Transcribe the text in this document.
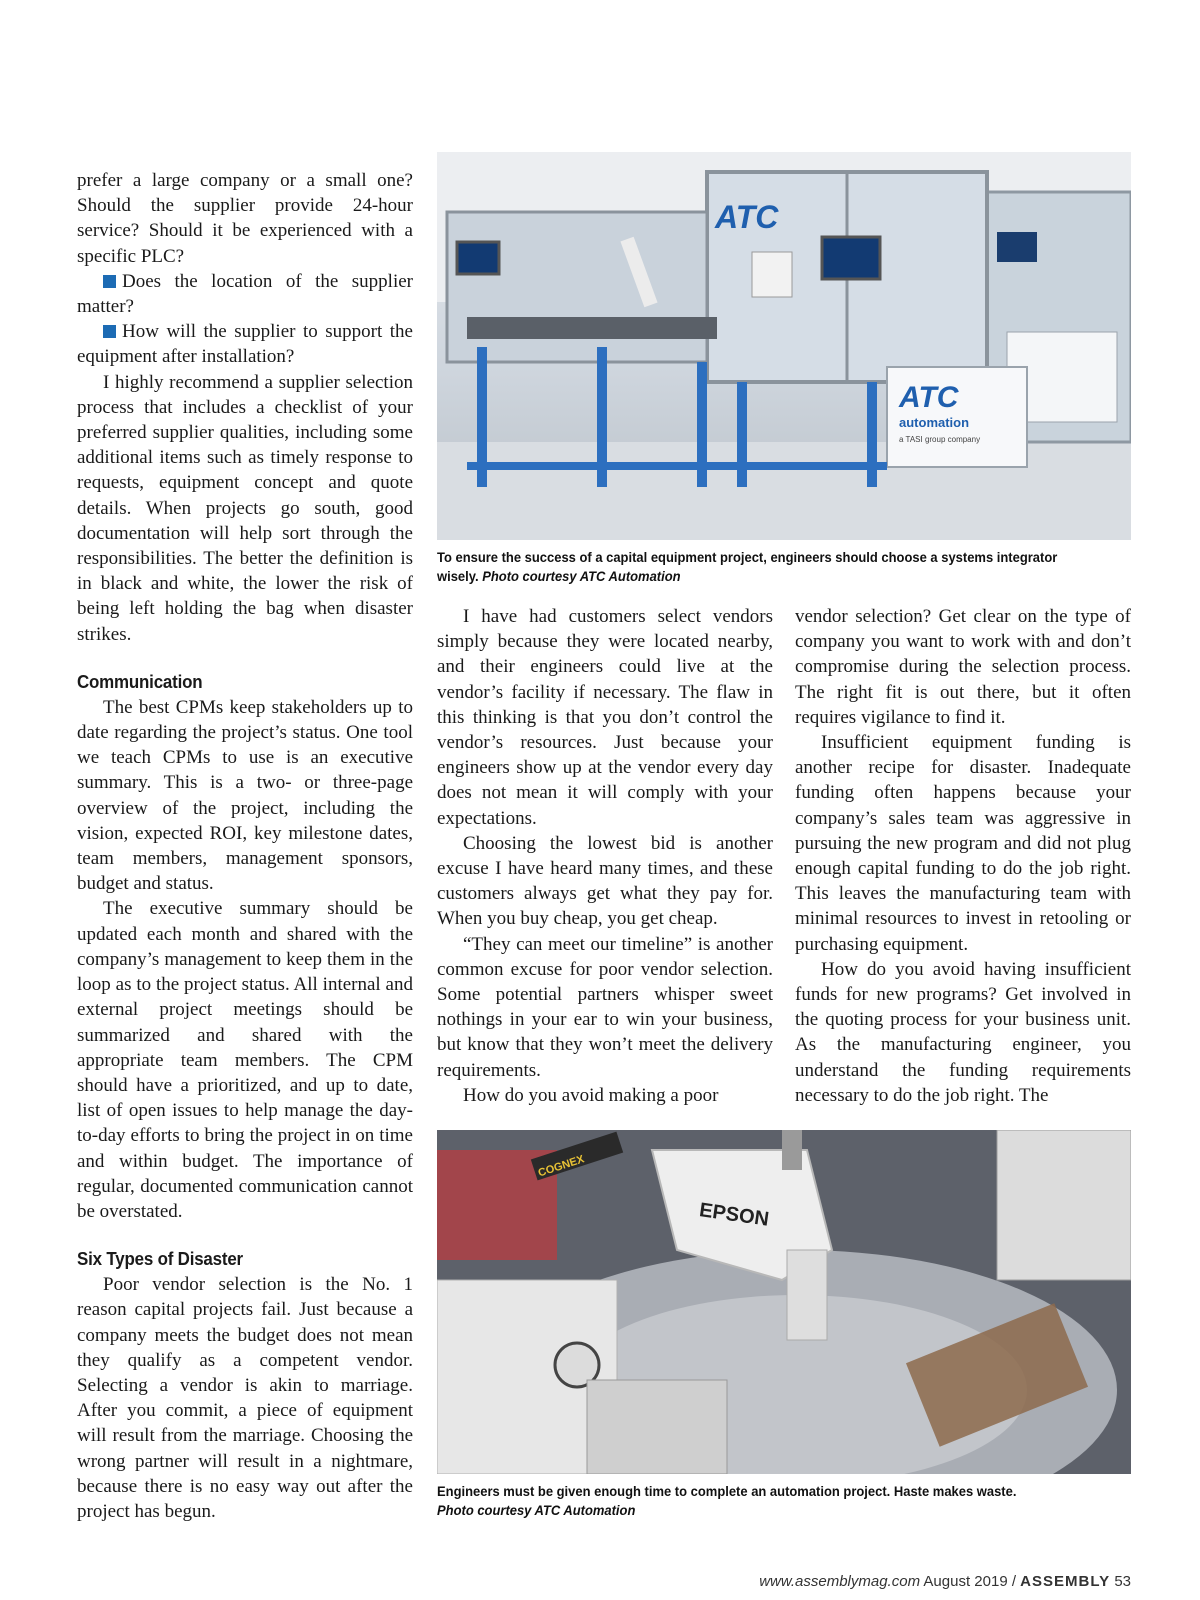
prefer a large company or a small one? Should the supplier provide 24-hour service? Should it be experienced with a specific PLC?

Does the location of the supplier matter?

How will the supplier to support the equipment after installation?

I highly recommend a supplier selection process that includes a checklist of your preferred supplier qualities, including some additional items such as timely response to requests, equipment concept and quote details. When projects go south, good documentation will help sort through the responsibilities. The better the definition is in black and white, the lower the risk of being left holding the bag when disaster strikes.

Communication

The best CPMs keep stakeholders up to date regarding the project’s status. One tool we teach CPMs to use is an executive summary. This is a two- or three-page overview of the project, including the vision, expected ROI, key milestone dates, team members, management sponsors, budget and status.

The executive summary should be updated each month and shared with the company’s management to keep them in the loop as to the project status. All internal and external project meetings should be summarized and shared with the appropriate team members. The CPM should have a prioritized, and up to date, list of open issues to help manage the day-to-day efforts to bring the project in on time and within budget. The importance of regular, documented communication cannot be overstated.

Six Types of Disaster

Poor vendor selection is the No. 1 reason capital projects fail. Just because a company meets the budget does not mean they qualify as a competent vendor. Selecting a vendor is akin to marriage. After you commit, a piece of equipment will result from the marriage. Choosing the wrong partner will result in a nightmare, because there is no easy way out after the project has begun.

ATC
ATC
automation
a TASI group company
To ensure the success of a capital equipment project, engineers should choose a systems integrator wisely. Photo courtesy ATC Automation

I have had customers select vendors simply because they were located nearby, and their engineers could live at the vendor’s facility if necessary. The flaw in this thinking is that you don’t control the vendor’s resources. Just because your engineers show up at the vendor every day does not mean it will comply with your expectations.

Choosing the lowest bid is another excuse I have heard many times, and these customers always get what they pay for. When you buy cheap, you get cheap.

“They can meet our timeline” is another common excuse for poor vendor selection. Some potential partners whisper sweet nothings in your ear to win your business, but know that they won’t meet the delivery requirements.

How do you avoid making a poor

vendor selection? Get clear on the type of company you want to work with and don’t compromise during the selection process. The right fit is out there, but it often requires vigilance to find it.

Insufficient equipment funding is another recipe for disaster. Inadequate funding often happens because your company’s sales team was aggressive in pursuing the new program and did not plug enough capital funding to do the job right. This leaves the manufacturing team with minimal resources to invest in retooling or purchasing equipment.

How do you avoid having insufficient funds for new programs? Get involved in the quoting process for your business unit. As the manufacturing engineer, you understand the funding requirements necessary to do the job right. The

COGNEX
EPSON
Engineers must be given enough time to complete an automation project. Haste makes waste.
Photo courtesy ATC Automation
www.assemblymag.com August 2019 / ASSEMBLY 53
